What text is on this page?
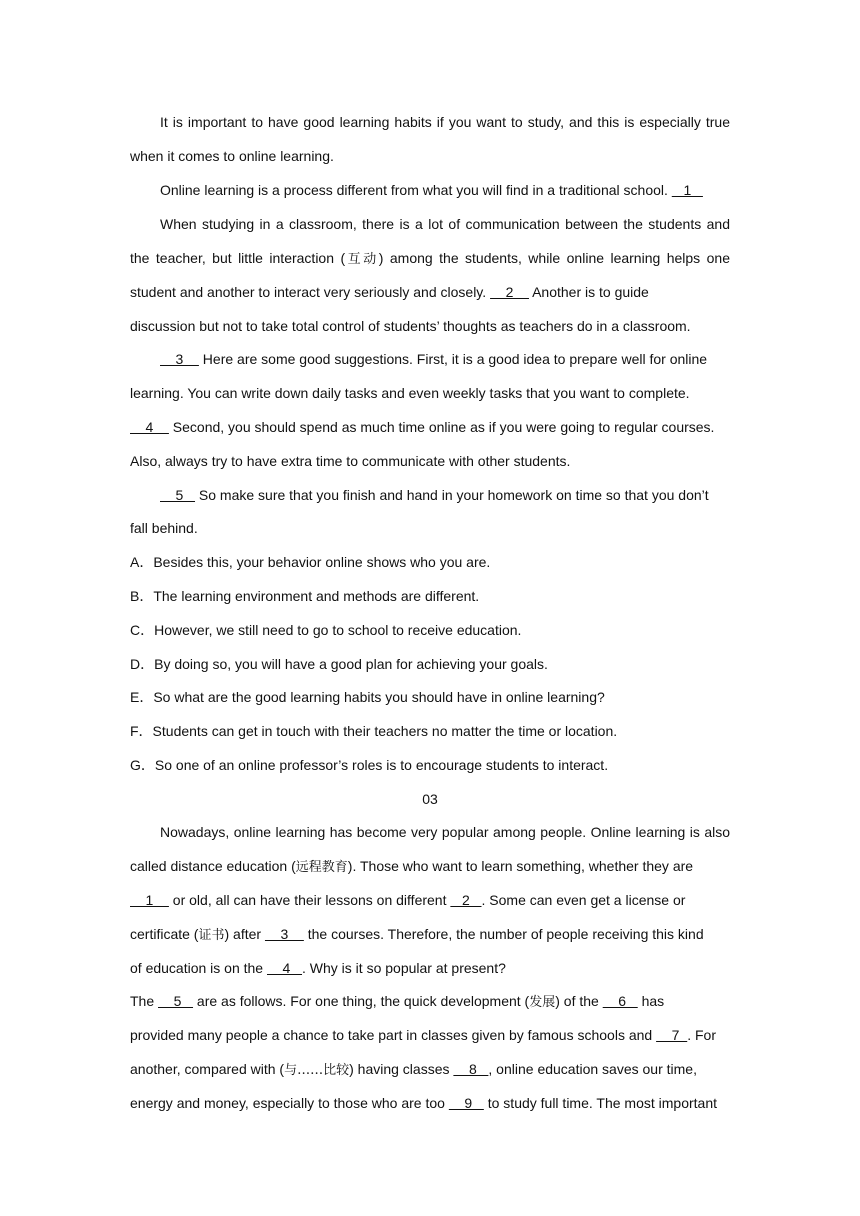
It is important to have good learning habits if you want to study, and this is especially true
when it comes to online learning.
Online learning is a process different from what you will find in a traditional school.    1
When studying in a classroom, there is a lot of communication between the students and
the teacher, but little interaction (互动) among the students, while online learning helps one
student and another to interact very seriously and closely.     2     Another is to guide
discussion but not to take total control of students’ thoughts as teachers do in a classroom.
3     Here are some good suggestions. First, it is a good idea to prepare well for online
learning. You can write down daily tasks and even weekly tasks that you want to complete.
4     Second, you should spend as much time online as if you were going to regular courses.
Also, always try to have extra time to communicate with other students.
5    So make sure that you finish and hand in your homework on time so that you don’t
fall behind.
A．Besides this, your behavior online shows who you are.
B．The learning environment and methods are different.
C．However, we still need to go to school to receive education.
D．By doing so, you will have a good plan for achieving your goals.
E．So what are the good learning habits you should have in online learning?
F．Students can get in touch with their teachers no matter the time or location.
G．So one of an online professor’s roles is to encourage students to interact.
03
Nowadays, online learning has become very popular among people. Online learning is also
called distance education (远程教育). Those who want to learn something, whether they are
1     or old, all can have their lessons on different    2   . Some can even get a license or
certificate (证书) after     3     the courses. Therefore, the number of people receiving this kind
of education is on the     4   . Why is it so popular at present?
The     5    are as follows. For one thing, the quick development (发展) of the     6    has
provided many people a chance to take part in classes given by famous schools and     7  . For
another, compared with (与……比较) having classes     8   , online education saves our time,
energy and money, especially to those who are too     9    to study full time. The most important
